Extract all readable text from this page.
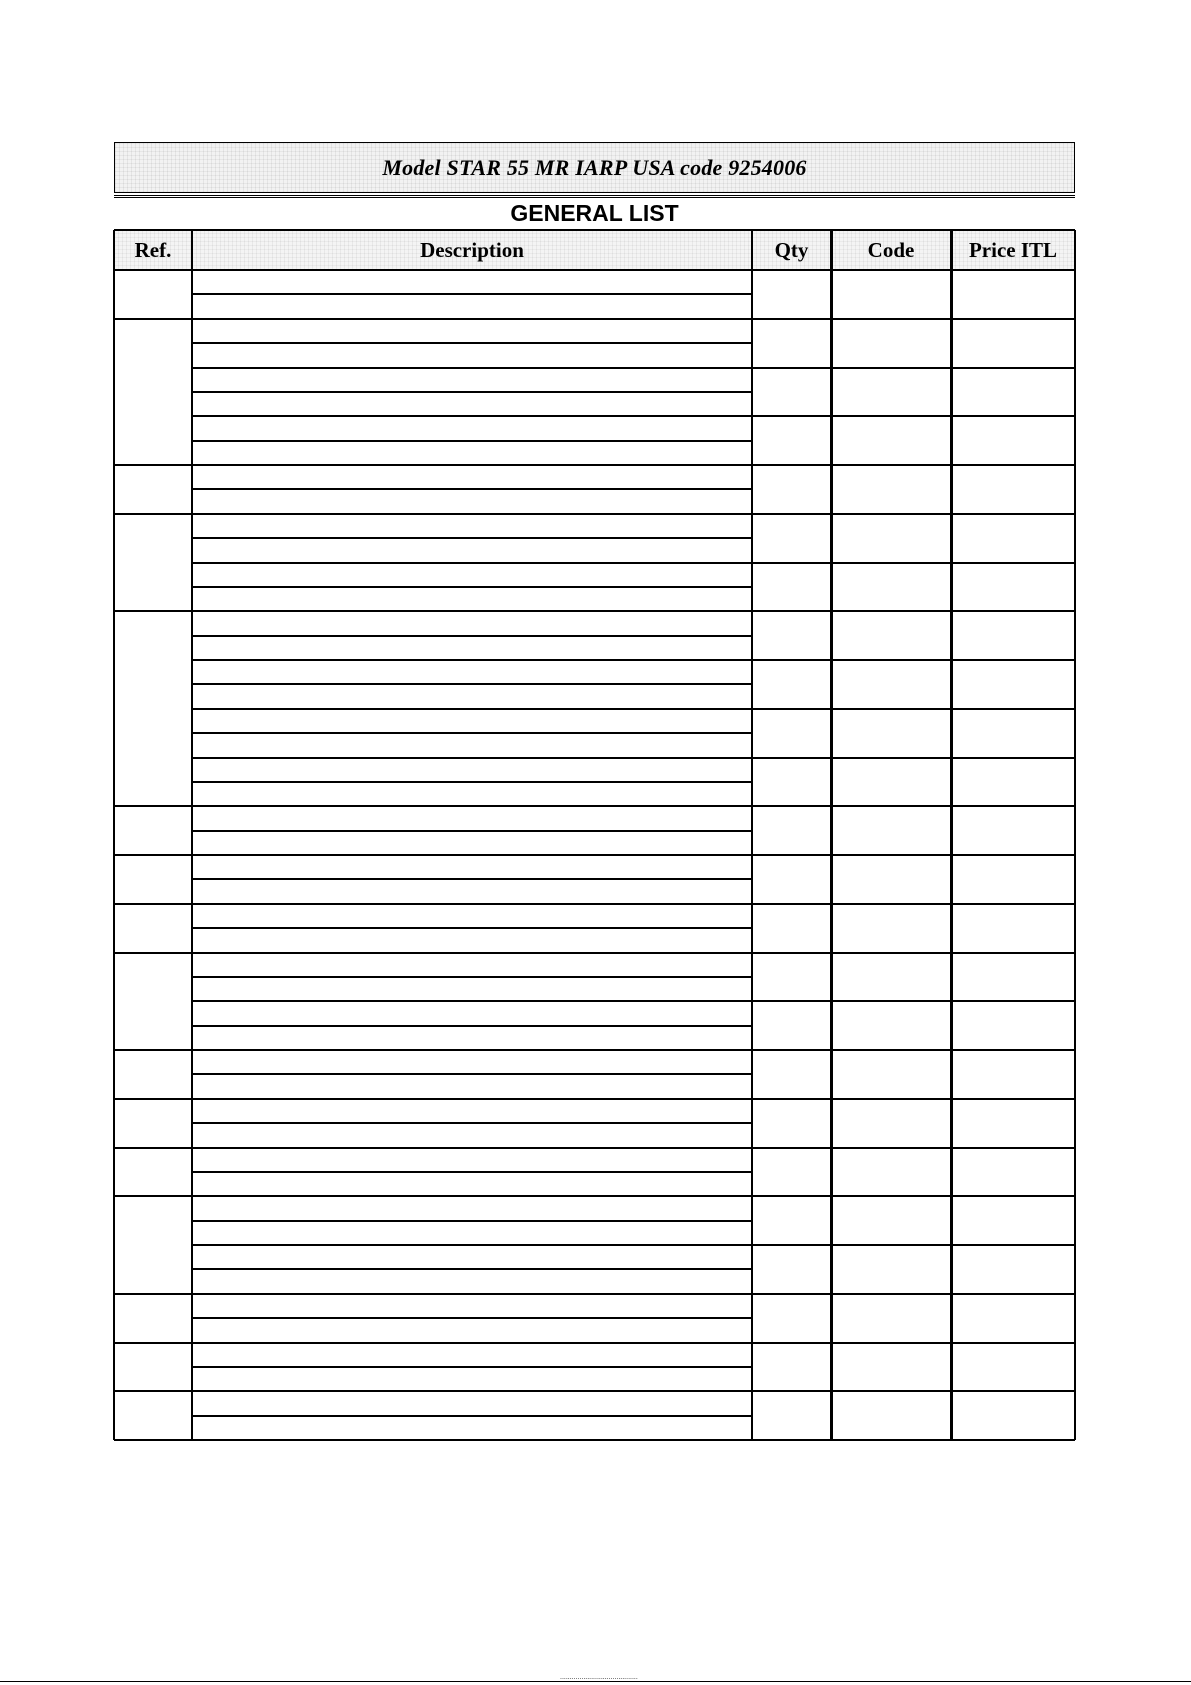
Model STAR 55 MR IARP USA code 9254006
GENERAL LIST
Ref.	Description	Qty	Code	Price ITL
........................................
